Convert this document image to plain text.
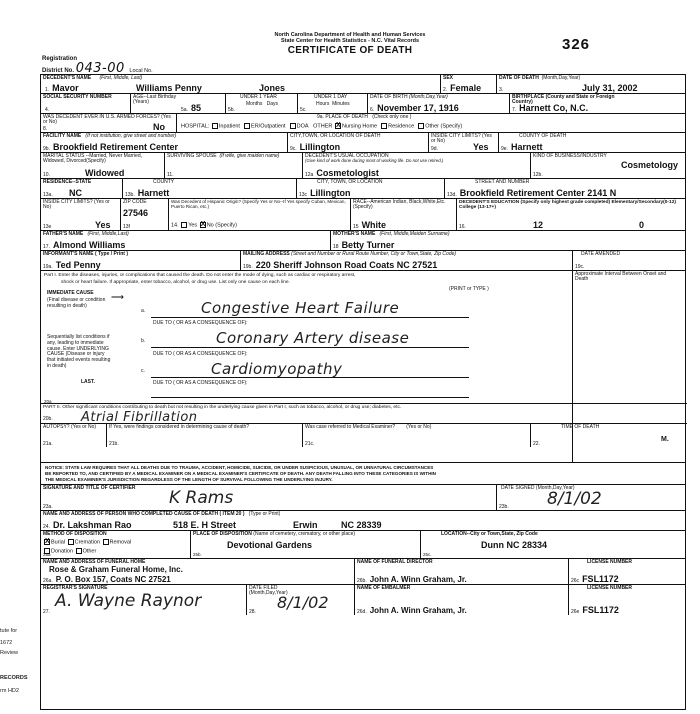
tute for
1672
Review
RECORDS
rm HD2
North Carolina Department of Health and Human Services
State Center for Health Statistics - N.C. Vital Records
CERTIFICATE OF DEATH	326
Registration
District No. 043-00 Local No.
DECEDENT'S NAME (First, Middle, Last)
1. Mavor	Williams Penny	Jones
SEX
2. Female
DATE OF DEATH (Month,Day,Year)
3.	July 31, 2002
SOCIAL SECURITY NUMBER
4.
AGE--Last Birthday (Years)
5a. 85
UNDER 1 YEAR
Months Days
5b.
UNDER 1 DAY
Hours Minutes
5c.
DATE OF BIRTH (Month,Day,Year)
6. November 17, 1916
BIRTHPLACE (County and State or Foreign Country)
7. Harnett Co, N.C.
WAS DECEDENT EVER IN U.S. ARMED FORCES? (Yes or No)
8.	No
9a. PLACE OF DEATH (Check only one )
HOSPITAL: Inpatient ER/Outpatient DOA OTHER X Nursing Home Residence Other (Specify)
FACILITY NAME (If not institution, give street and number)
9b. Brookfield Retirement Center
CITY,TOWN, OR LOCATION OF DEATH
9c. Lillington
INSIDE CITY LIMITS? (Yes or No)
9d.	Yes
COUNTY OF DEATH
9e. Harnett
MARITAL STATUS --Married, Never Married, Widowed, Divorced(Specify)
10.	Widowed
SURVIVING SPOUSE (If wife, give maiden name)
11.
DECEDENT'S USUAL OCCUPATION
(Give kind of work done during most of working life. Do not use retired.)
12a Cosmetologist
KIND OF BUSINESS/INDUSTRY
Cosmetology
12b.
RESIDENCE--STATE
13a.	NC
COUNTY
13b. Harnett
CITY, TOWN, OR LOCATION
13c Lillington
STREET AND NUMBER
13d. Brookfield Retirement Center 2141 N
INSIDE CITY LIMITS? (Yes or No)
13e	Yes
ZIP CODE
27546
13f
Was Decedent of Hispanic Origin? (Specify Yes or No--If Yes specify Cuban, Mexican, Puerto Rican, etc.)
14. Yes X No (Specify)
RACE--American Indian, Black,White,Etc. (Specify)
15 White
DECEDENT'S EDUCATION (Specify only highest grade completed) Elementary/Secondary(0-12) College (13-17+)
16.	12	0
FATHER'S NAME (First, Middle,Last)
17. Almond Williams
MOTHER'S NAME (First, Middle,Maiden Surname)
18 Betty Turner
INFORMANT'S NAME ( Type / Print )
19a. Ted Penny
MAILING ADDRESS (Street and Number or Rural Route Number, City or Town,State, Zip Code)
19b. 220 Sheriff Johnson Road Coats NC 27521
DATE AMENDED
19c.
Part I. Enter the diseases, injuries, or complications that caused the death. Do not enter the mode of dying, such as cardiac or respiratory arrest,
shock or heart failure. If appropriate, enter tobacco, alcohol, or drug use. List only one cause on each line.
(PRINT or TYPE )
IMMEDIATE CAUSE
(Final disease or condition resulting in death)
⟶
a.	Congestive Heart Failure
DUE TO ( OR AS A CONSEQUENCE OF):
Sequentially list conditions if any, leading to immediate cause. Enter UNDERLYING CAUSE (Disease or injury that initiated events resulting in death)
LAST.
b.	Coronary Artery disease
DUE TO ( OR AS A CONSEQUENCE OF):
c.	Cardiomyopathy
DUE TO ( OR AS A CONSEQUENCE OF):
20a
Approximate Interval Between Onset and Death
PART II. Other significant conditions contributing to death but not resulting in the underlying cause given in Part I, such as tobacco, alcohol, or drug use; diabetes, etc.
20b. Atrial Fibrillation
AUTOPSY? (Yes or No)
21a.
If Yes, were findings considered in determining cause of death?
21b.
Was case referred to Medical Examiner? (Yes or No)
21c.
TIME OF DEATH
22.
M.
NOTICE: STATE LAW REQUIRES THAT ALL DEATHS DUE TO TRAUMA, ACCIDENT, HOMICIDE, SUICIDE, OR UNDER SUSPICIOUS, UNUSUAL, OR UNNATURAL CIRCUMSTANCES
BE REPORTED TO, AND CERTIFIED BY A MEDICAL EXAMINER ON A MEDICAL EXAMINER'S CERTIFICATE OF DEATH. ANY DEATH FALLING INTO THESE CATEGORIES IS WITHIN
THE MEDICAL EXAMINER'S JURISDICTION REGARDLESS OF THE LENGTH OF SURVIVAL FOLLOWING THE UNDERLYING INJURY.
SIGNATURE AND TITLE OF CERTIFIER
23a.	K Rams	DATE SIGNED (Month,Day,Year)
23b. 8/1/02
NAME AND ADDRESS OF PERSON WHO COMPLETED CAUSE OF DEATH ( ITEM 20 ) (Type or Print)
24. Dr. Lakshman Rao	518 E. H Street	Erwin	NC 28339
METHOD OF DISPOSITION
XBurial Cremation Removal
Donation Other
25a
PLACE OF DISPOSITION (Name of cemetery, crematory, or other place)
Devotional Gardens
25b.
LOCATION--City or Town,State, Zip Code
Dunn NC 28334
25c.
NAME AND ADDRESS OF FUNERAL HOME
Rose & Graham Funeral Home, Inc.
26a. P. O. Box 157, Coats NC 27521
NAME OF FUNERAL DIRECTOR
26b. John A. Winn Graham, Jr.
LICENSE NUMBER
26c FSL1172
REGISTRAR'S SIGNATURE
27.
A. Wayne Raynor
DATE FILED (Month,Day,Year)
28. 8/1/02
NAME OF EMBALMER
26d. John A. Winn Graham, Jr.
LICENSE NUMBER
26e FSL1172
